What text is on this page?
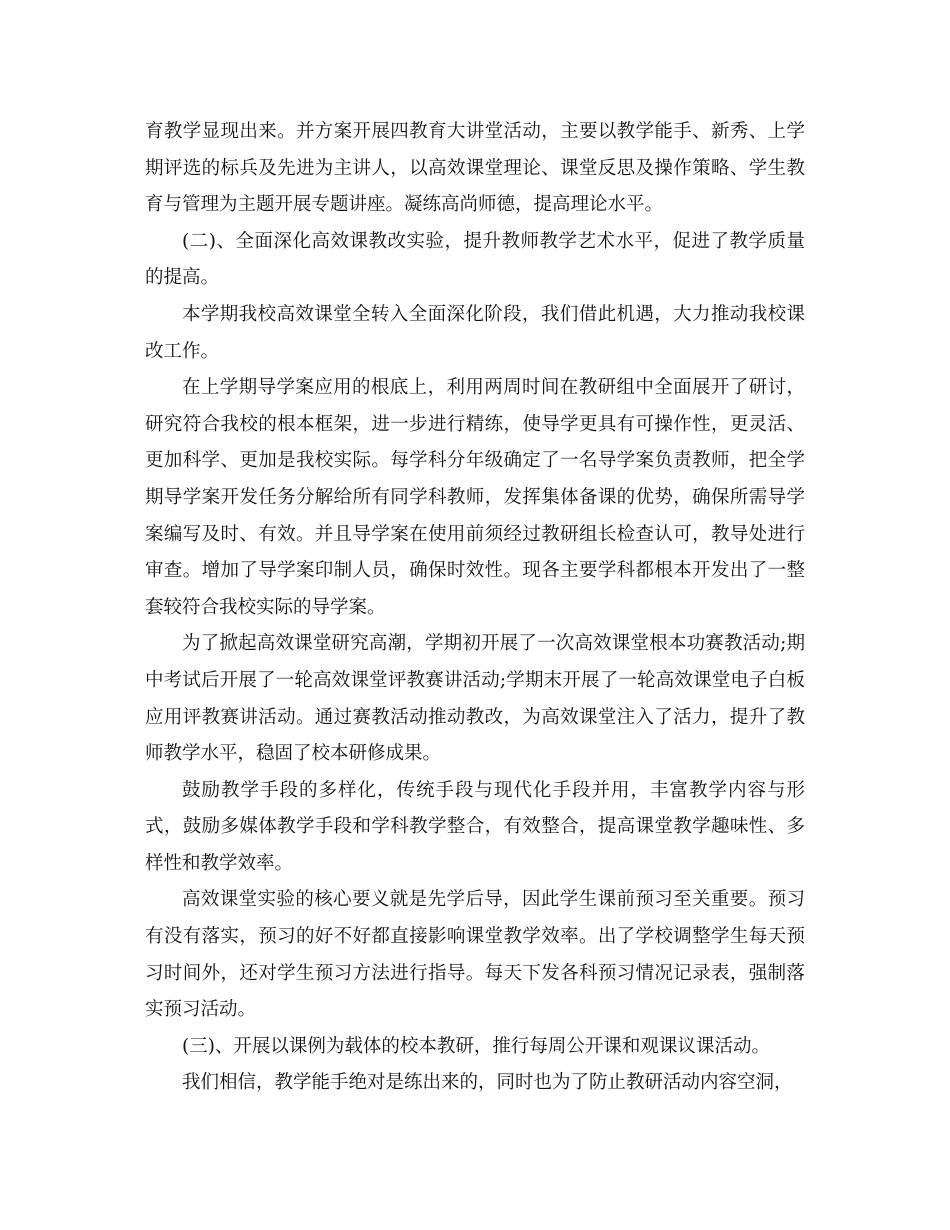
育教学显现出来。并方案开展四教育大讲堂活动，主要以教学能手、新秀、上学期评选的标兵及先进为主讲人，以高效课堂理论、课堂反思及操作策略、学生教育与管理为主题开展专题讲座。凝练高尚师德，提高理论水平。

(二)、全面深化高效课教改实验，提升教师教学艺术水平，促进了教学质量的提高。

本学期我校高效课堂全转入全面深化阶段，我们借此机遇，大力推动我校课改工作。

在上学期导学案应用的根底上，利用两周时间在教研组中全面展开了研讨，研究符合我校的根本框架，进一步进行精练，使导学更具有可操作性，更灵活、更加科学、更加是我校实际。每学科分年级确定了一名导学案负责教师，把全学期导学案开发任务分解给所有同学科教师，发挥集体备课的优势，确保所需导学案编写及时、有效。并且导学案在使用前须经过教研组长检查认可，教导处进行审查。增加了导学案印制人员，确保时效性。现各主要学科都根本开发出了一整套较符合我校实际的导学案。

为了掀起高效课堂研究高潮，学期初开展了一次高效课堂根本功赛教活动;期中考试后开展了一轮高效课堂评教赛讲活动;学期末开展了一轮高效课堂电子白板应用评教赛讲活动。通过赛教活动推动教改，为高效课堂注入了活力，提升了教师教学水平，稳固了校本研修成果。

鼓励教学手段的多样化，传统手段与现代化手段并用，丰富教学内容与形式，鼓励多媒体教学手段和学科教学整合，有效整合，提高课堂教学趣味性、多样性和教学效率。

高效课堂实验的核心要义就是先学后导，因此学生课前预习至关重要。预习有没有落实，预习的好不好都直接影响课堂教学效率。出了学校调整学生每天预习时间外，还对学生预习方法进行指导。每天下发各科预习情况记录表，强制落实预习活动。

(三)、开展以课例为载体的校本教研，推行每周公开课和观课议课活动。

我们相信，教学能手绝对是练出来的，同时也为了防止教研活动内容空洞，
